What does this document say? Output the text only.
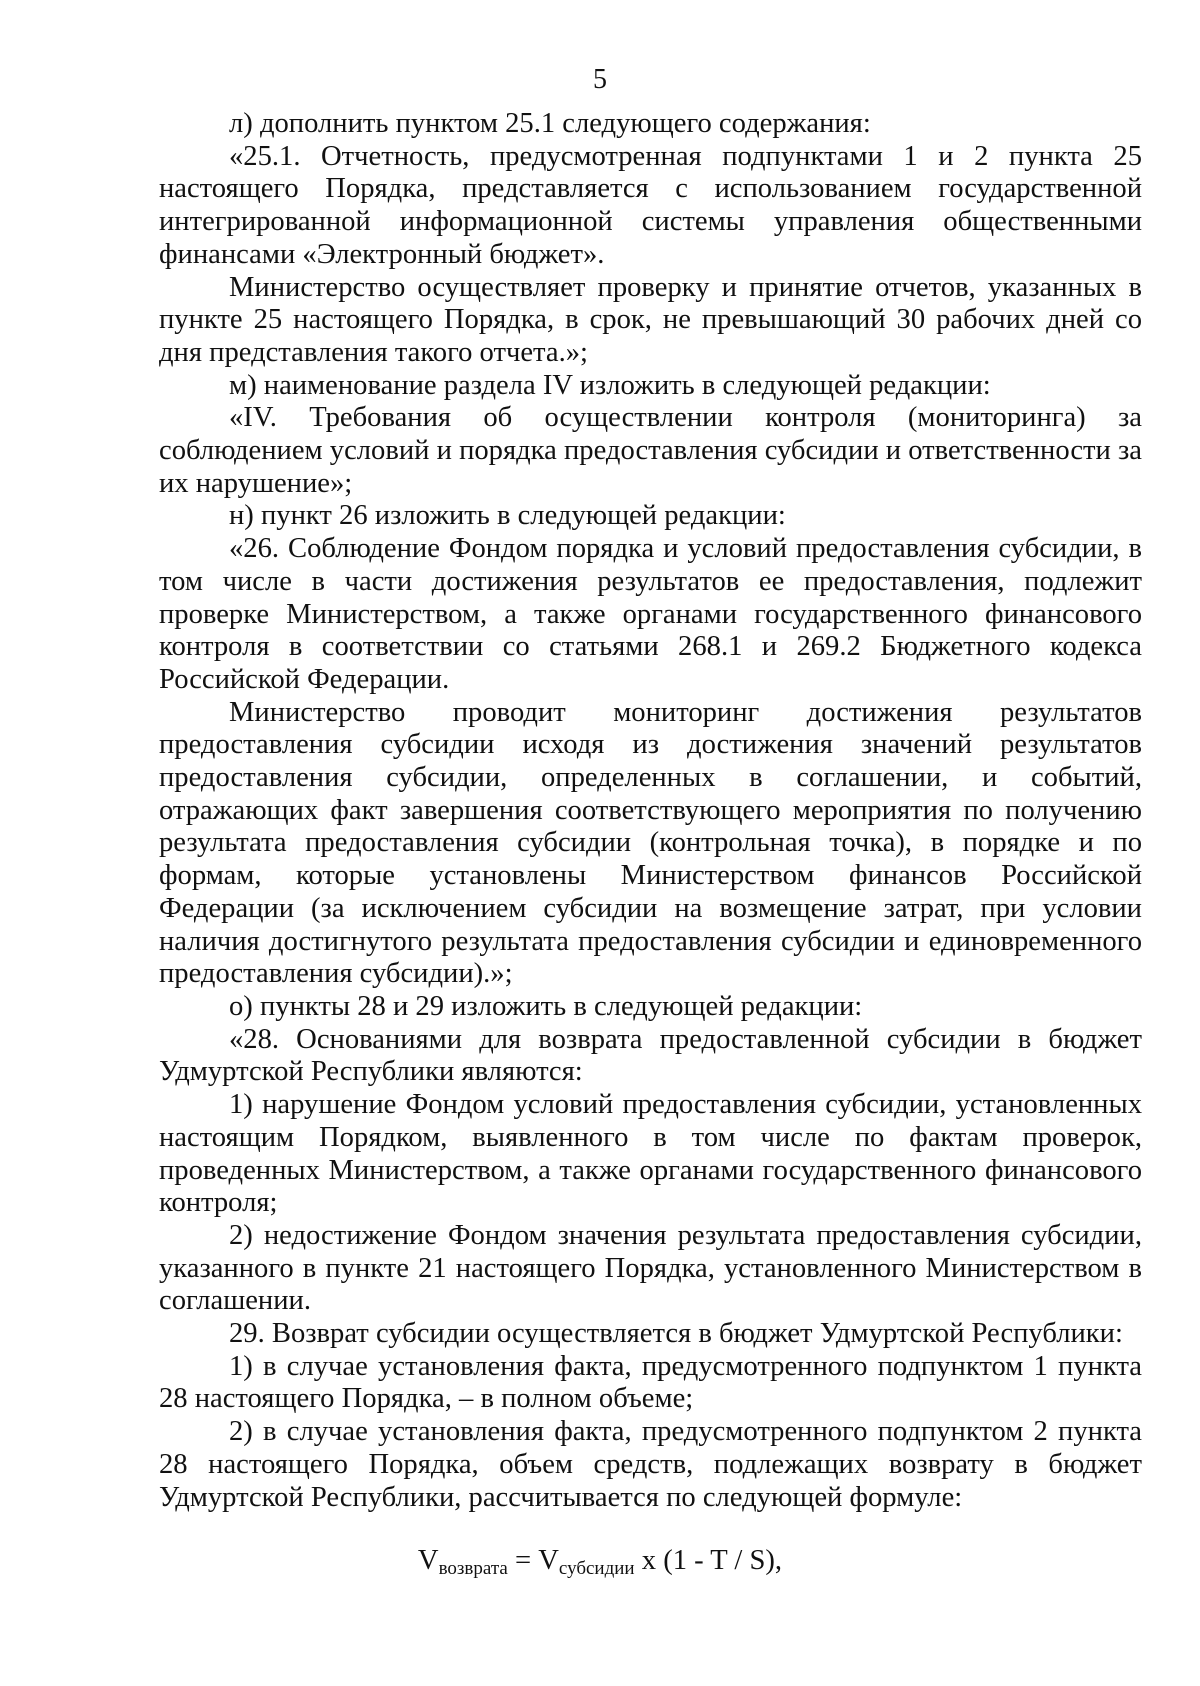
5

л) дополнить пунктом 25.1 следующего содержания:

«25.1. Отчетность, предусмотренная подпунктами 1 и 2 пункта 25 настоящего Порядка, представляется с использованием государственной интегрированной информационной системы управления общественными финансами «Электронный бюджет».

Министерство осуществляет проверку и принятие отчетов, указанных в пункте 25 настоящего Порядка, в срок, не превышающий 30 рабочих дней со дня представления такого отчета.»;

м) наименование раздела IV изложить в следующей редакции:

«IV. Требования об осуществлении контроля (мониторинга) за соблюдением условий и порядка предоставления субсидии и ответственности за их нарушение»;

н) пункт 26 изложить в следующей редакции:

«26. Соблюдение Фондом порядка и условий предоставления субсидии, в том числе в части достижения результатов ее предоставления, подлежит проверке Министерством, а также органами государственного финансового контроля в соответствии со статьями 268.1 и 269.2 Бюджетного кодекса Российской Федерации.

Министерство проводит мониторинг достижения результатов предоставления субсидии исходя из достижения значений результатов предоставления субсидии, определенных в соглашении, и событий, отражающих факт завершения соответствующего мероприятия по получению результата предоставления субсидии (контрольная точка), в порядке и по формам, которые установлены Министерством финансов Российской Федерации (за исключением субсидии на возмещение затрат, при условии наличия достигнутого результата предоставления субсидии и единовременного предоставления субсидии).»;

о) пункты 28 и 29 изложить в следующей редакции:

«28. Основаниями для возврата предоставленной субсидии в бюджет Удмуртской Республики являются:

1) нарушение Фондом условий предоставления субсидии, установленных настоящим Порядком, выявленного в том числе по фактам проверок, проведенных Министерством, а также органами государственного финансового контроля;

2) недостижение Фондом значения результата предоставления субсидии, указанного в пункте 21 настоящего Порядка, установленного Министерством в соглашении.

29. Возврат субсидии осуществляется в бюджет Удмуртской Республики:

1) в случае установления факта, предусмотренного подпунктом 1 пункта 28 настоящего Порядка, – в полном объеме;

2) в случае установления факта, предусмотренного подпунктом 2 пункта 28 настоящего Порядка, объем средств, подлежащих возврату в бюджет Удмуртской Республики, рассчитывается по следующей формуле:

$V_{возврата} = V_{субсидии}$ x (1 - T / S),
